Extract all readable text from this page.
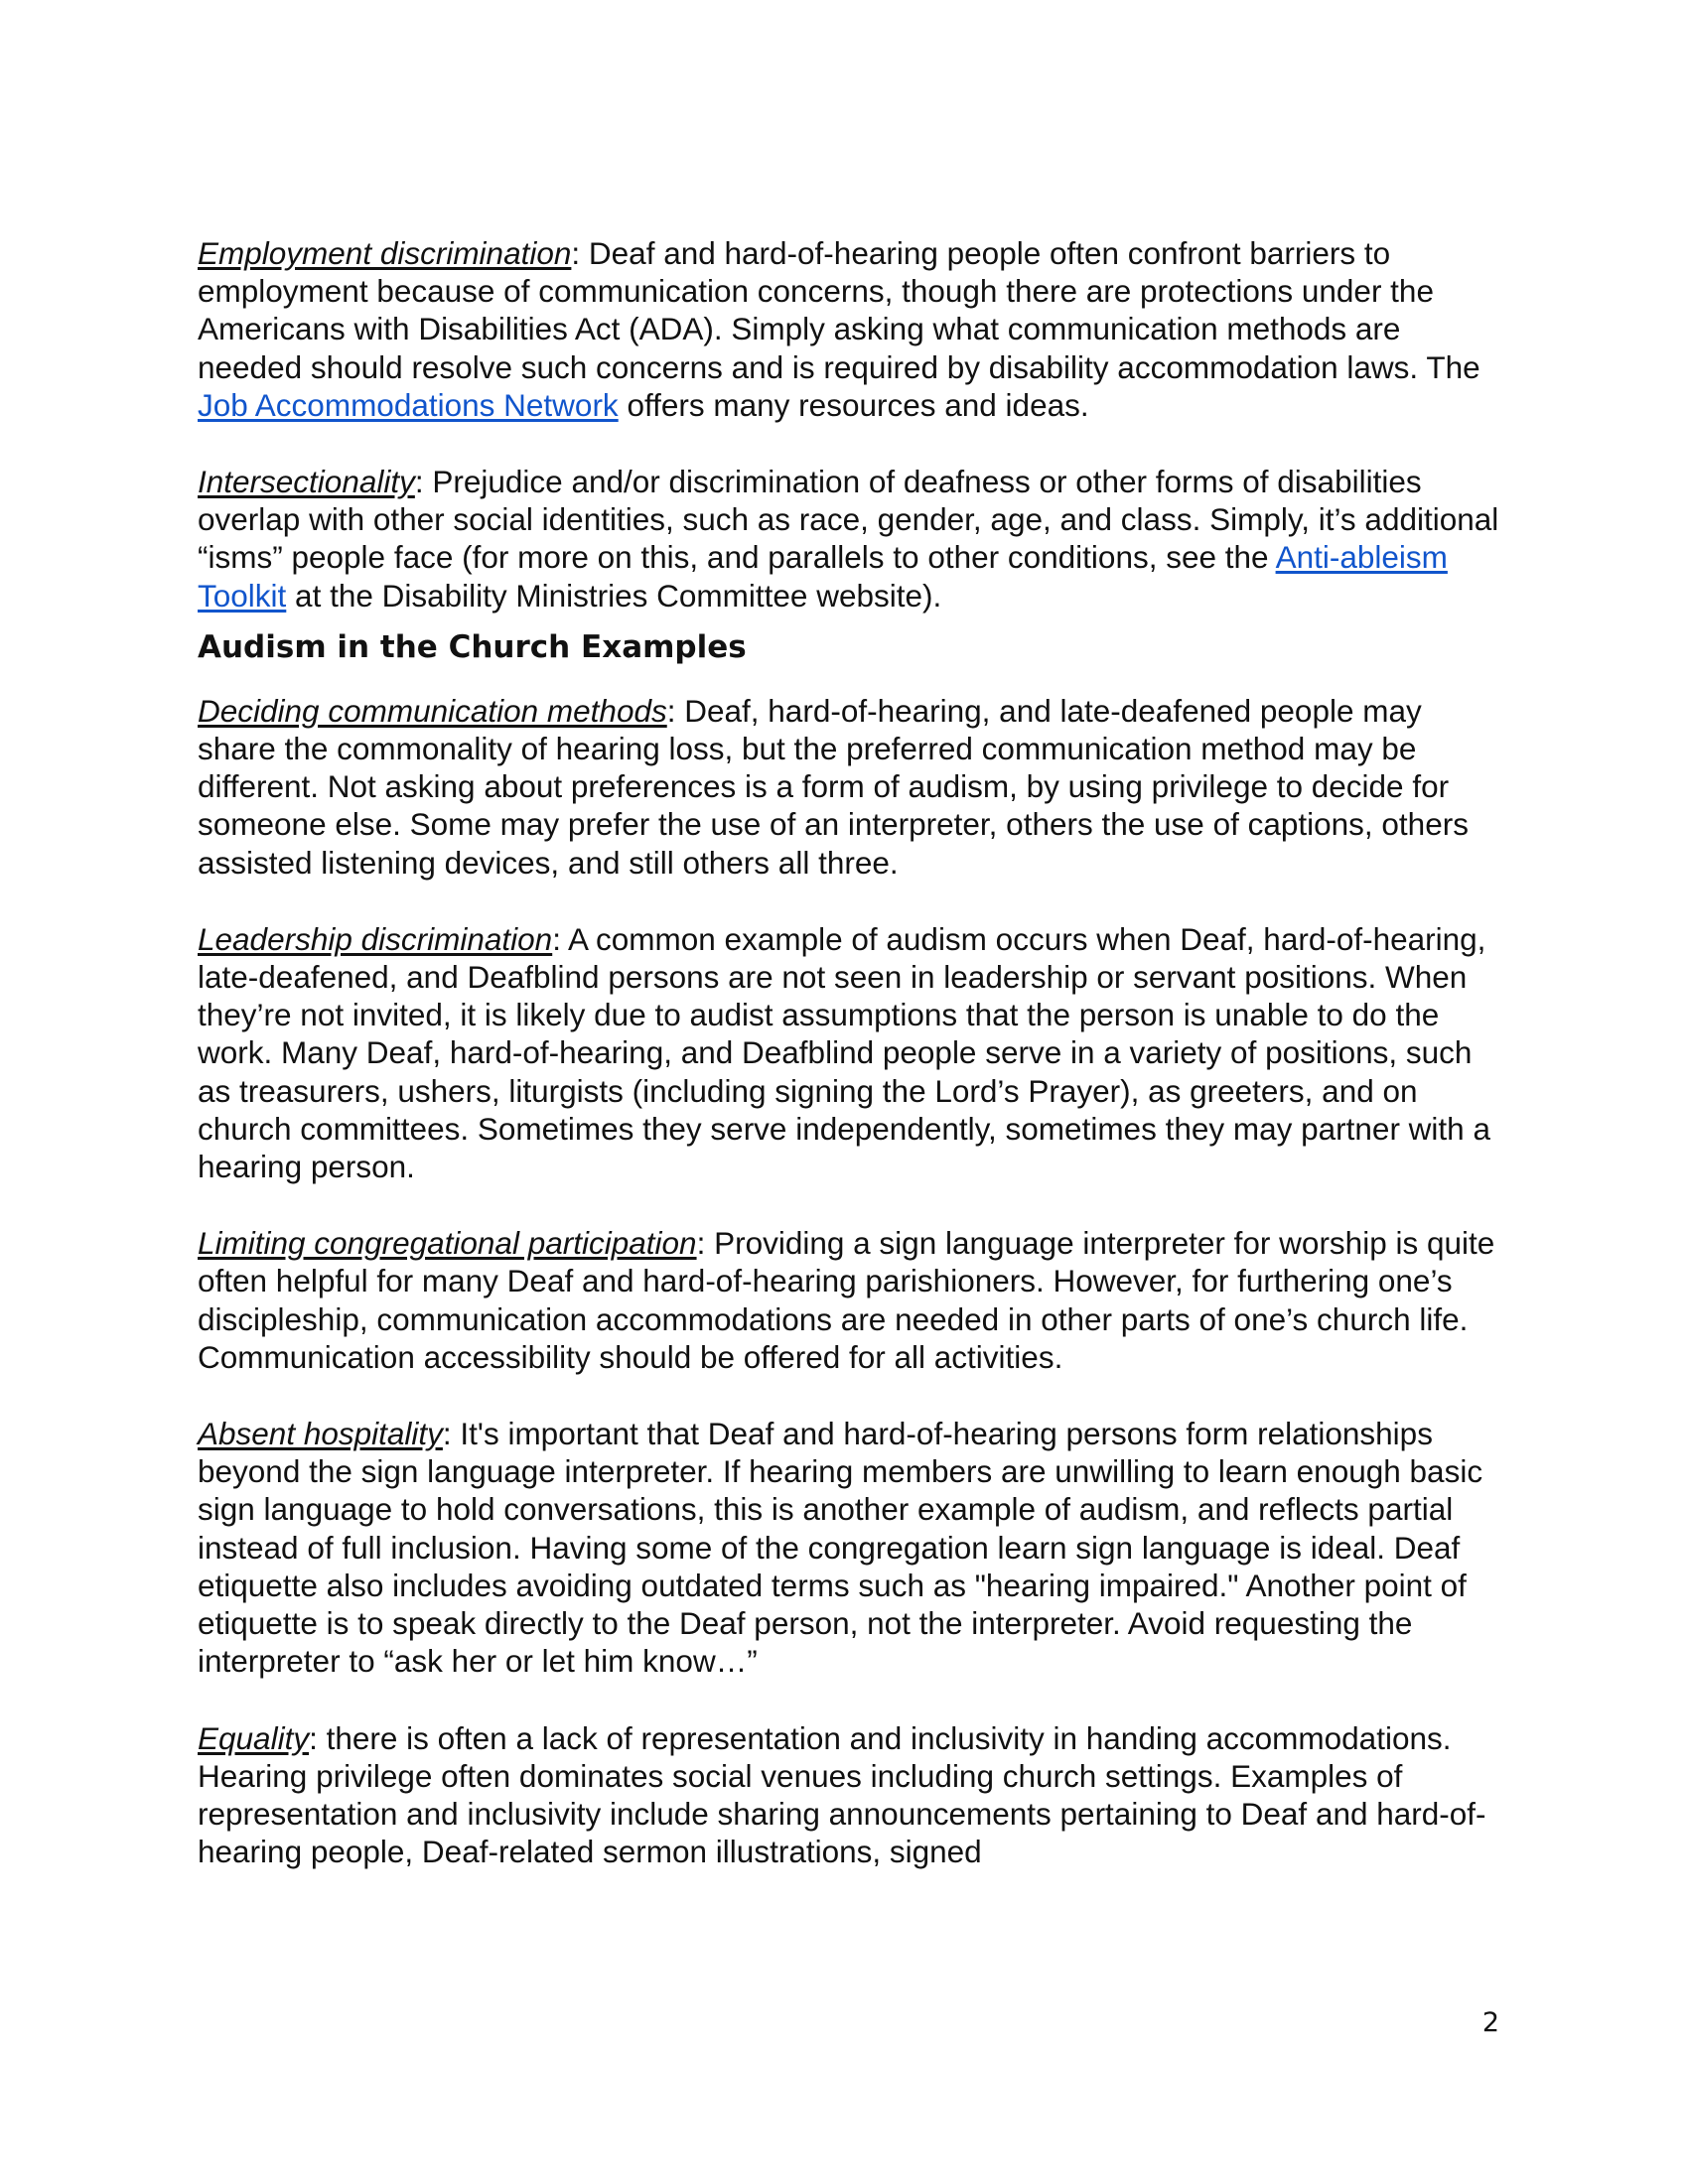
Employment discrimination: Deaf and hard-of-hearing people often confront barriers to employment because of communication concerns, though there are protections under the Americans with Disabilities Act (ADA). Simply asking what communication methods are needed should resolve such concerns and is required by disability accommodation laws. The Job Accommodations Network offers many resources and ideas.

Intersectionality: Prejudice and/or discrimination of deafness or other forms of disabilities overlap with other social identities, such as race, gender, age, and class. Simply, it’s additional “isms” people face (for more on this, and parallels to other conditions, see the Anti-ableism Toolkit at the Disability Ministries Committee website).

Audism in the Church Examples

Deciding communication methods: Deaf, hard-of-hearing, and late-deafened people may share the commonality of hearing loss, but the preferred communication method may be different. Not asking about preferences is a form of audism, by using privilege to decide for someone else. Some may prefer the use of an interpreter, others the use of captions, others assisted listening devices, and still others all three.

Leadership discrimination: A common example of audism occurs when Deaf, hard-of-hearing, late-deafened, and Deafblind persons are not seen in leadership or servant positions. When they’re not invited, it is likely due to audist assumptions that the person is unable to do the work. Many Deaf, hard-of-hearing, and Deafblind people serve in a variety of positions, such as treasurers, ushers, liturgists (including signing the Lord’s Prayer), as greeters, and on church committees. Sometimes they serve independently, sometimes they may partner with a hearing person.

Limiting congregational participation: Providing a sign language interpreter for worship is quite often helpful for many Deaf and hard-of-hearing parishioners. However, for furthering one’s discipleship, communication accommodations are needed in other parts of one’s church life. Communication accessibility should be offered for all activities.

Absent hospitality: It's important that Deaf and hard-of-hearing persons form relationships beyond the sign language interpreter. If hearing members are unwilling to learn enough basic sign language to hold conversations, this is another example of audism, and reflects partial instead of full inclusion. Having some of the congregation learn sign language is ideal. Deaf etiquette also includes avoiding outdated terms such as "hearing impaired." Another point of etiquette is to speak directly to the Deaf person, not the interpreter. Avoid requesting the interpreter to “ask her or let him know…”

Equality: there is often a lack of representation and inclusivity in handing accommodations. Hearing privilege often dominates social venues including church settings. Examples of representation and inclusivity include sharing announcements pertaining to Deaf and hard-of-hearing people, Deaf-related sermon illustrations, signed

2
